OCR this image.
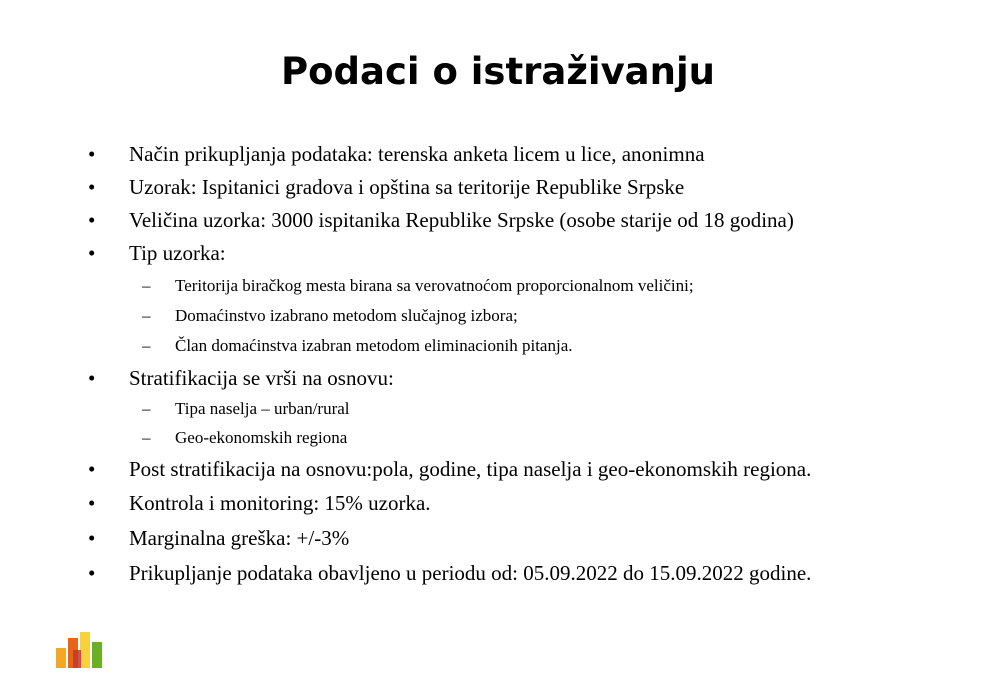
Podaci o istraživanju
• Način prikupljanja podataka: terenska anketa licem u lice, anonimna
• Uzorak: Ispitanici gradova i opština sa teritorije Republike Srpske
• Veličina uzorka: 3000 ispitanika Republike Srpske (osobe starije od 18 godina)
• Tip uzorka:
– Teritorija biračkog mesta birana sa verovatnoćom proporcionalnom veličini;
– Domaćinstvo izabrano metodom slučajnog izbora;
– Član domaćinstva izabran metodom eliminacionih pitanja.
• Stratifikacija se vrši na osnovu:
– Tipa naselja – urban/rural
– Geo-ekonomskih regiona
• Post stratifikacija na osnovu:pola, godine, tipa naselja i geo-ekonomskih regiona.
• Kontrola i monitoring: 15% uzorka.
• Marginalna greška: +/-3%
• Prikupljanje podataka obavljeno u periodu od: 05.09.2022 do 15.09.2022 godine.
